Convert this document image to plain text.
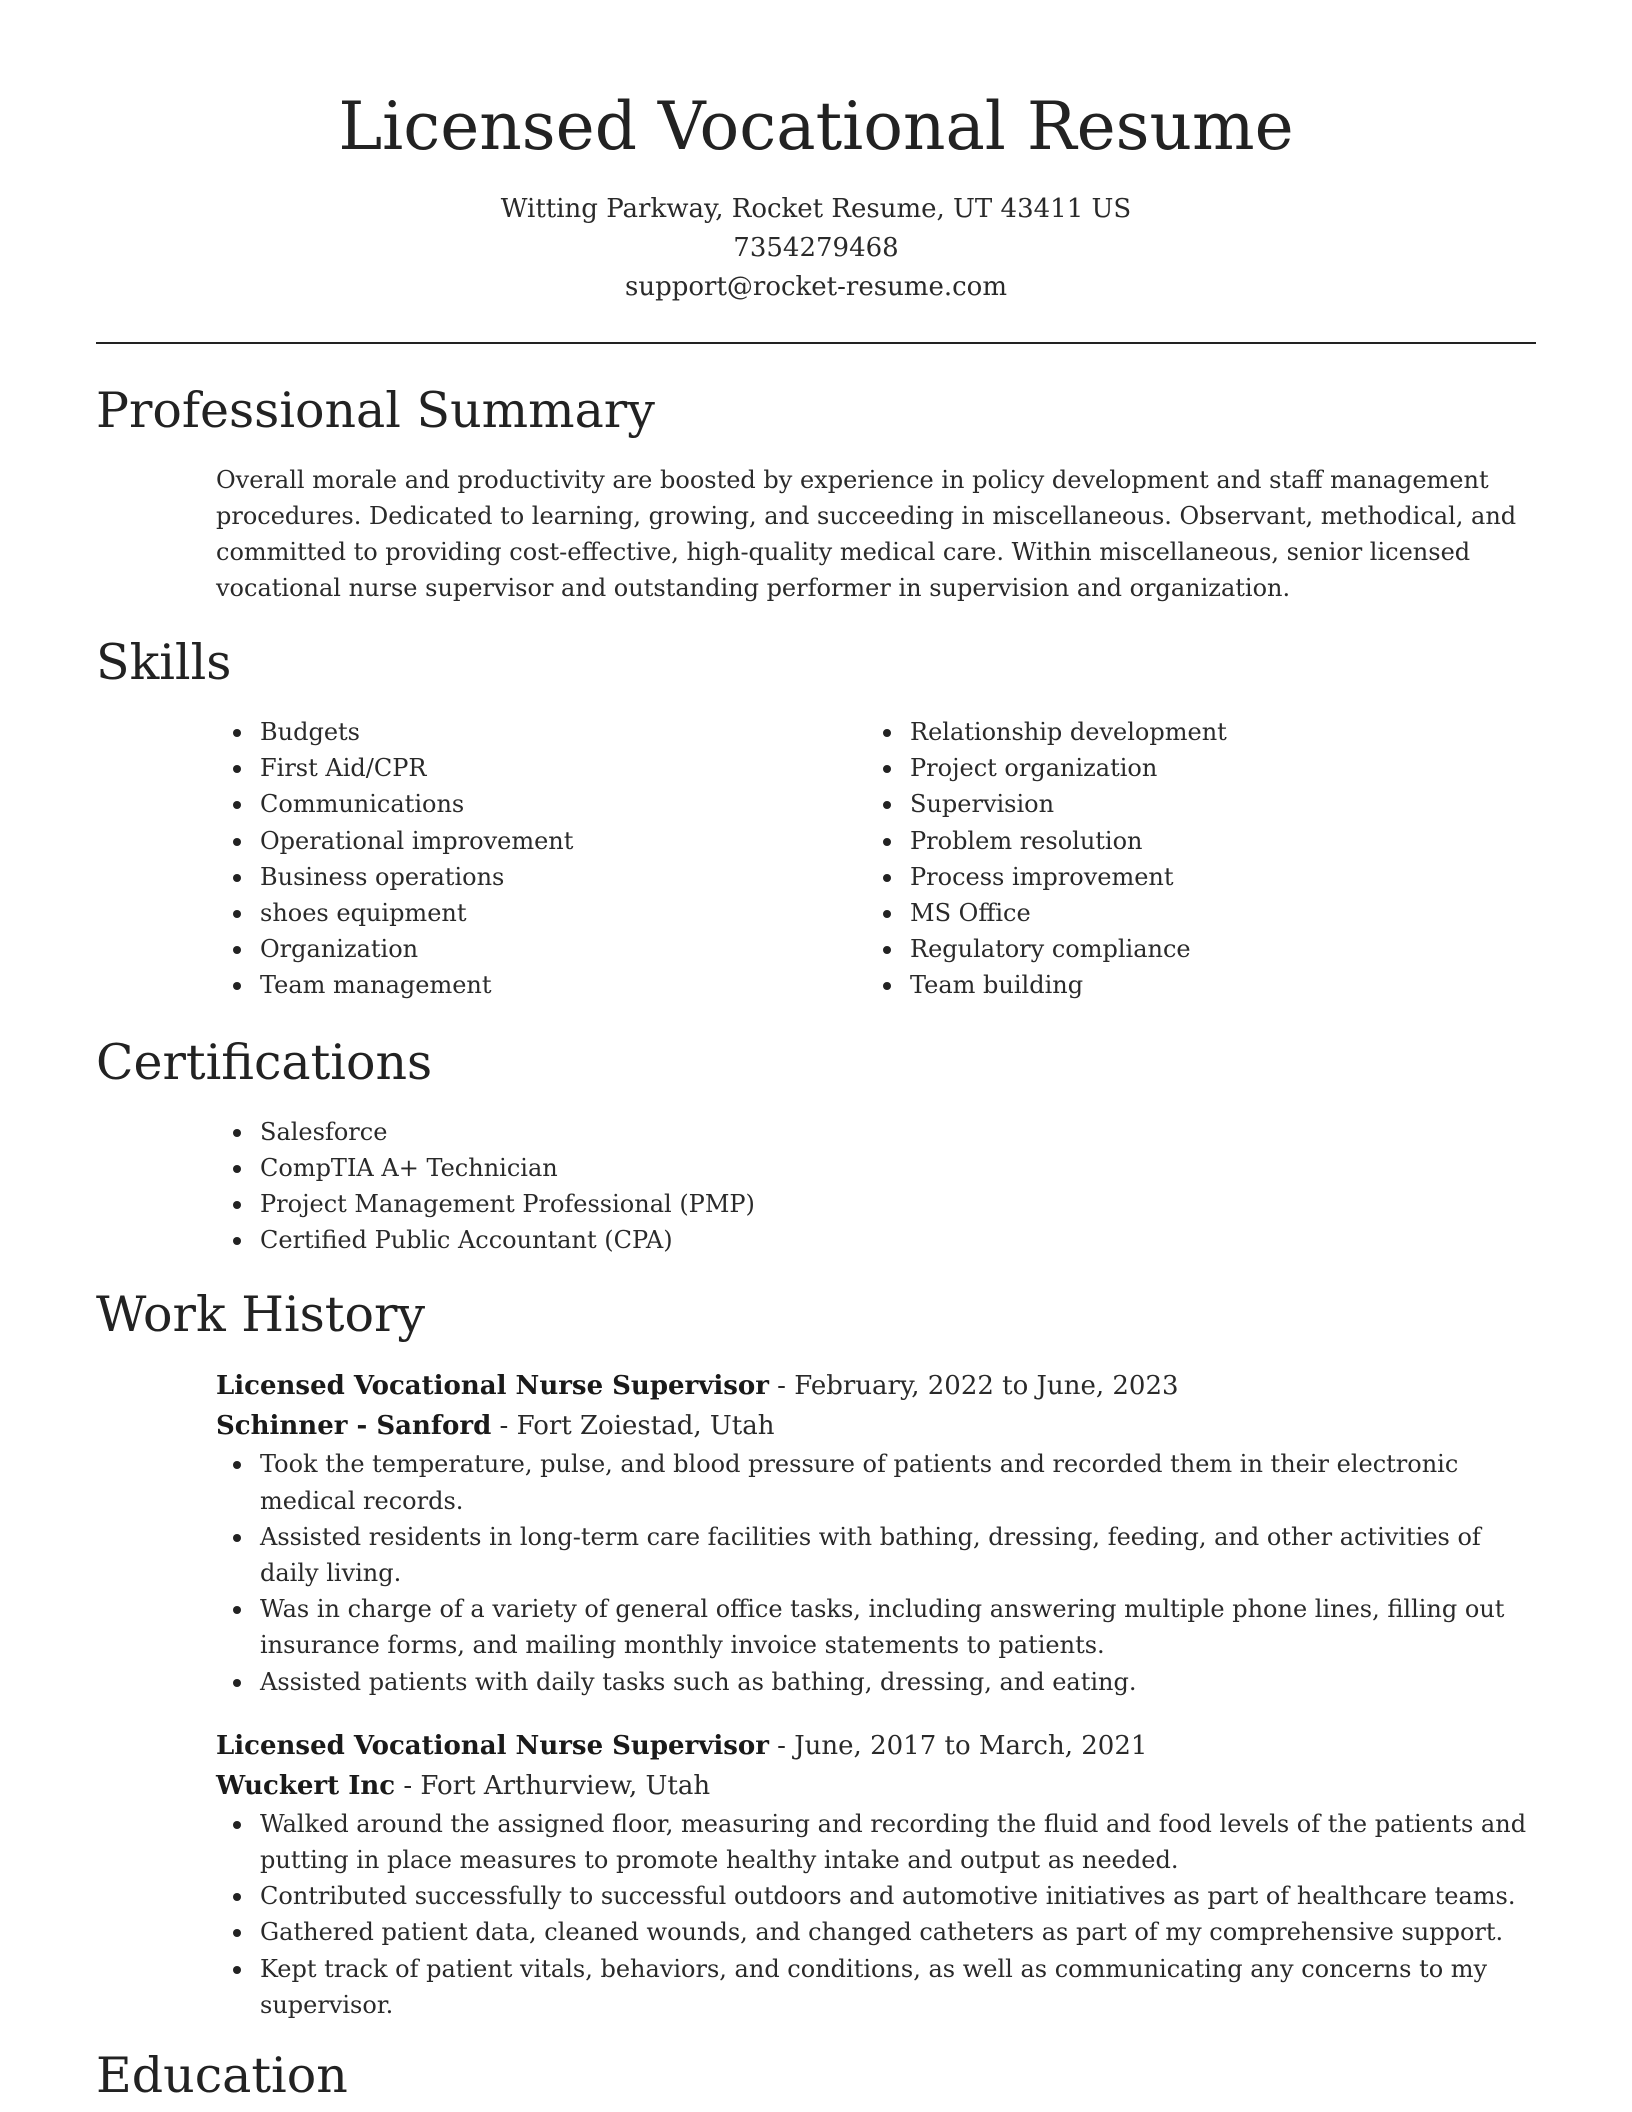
Licensed Vocational Resume
Witting Parkway, Rocket Resume, UT 43411 US
7354279468
support@rocket-resume.com
Professional Summary
Overall morale and productivity are boosted by experience in policy development and staff management procedures. Dedicated to learning, growing, and succeeding in miscellaneous. Observant, methodical, and committed to providing cost-effective, high-quality medical care. Within miscellaneous, senior licensed vocational nurse supervisor and outstanding performer in supervision and organization.
Skills
Budgets
First Aid/CPR
Communications
Operational improvement
Business operations
shoes equipment
Organization
Team management
Relationship development
Project organization
Supervision
Problem resolution
Process improvement
MS Office
Regulatory compliance
Team building
Certifications
Salesforce
CompTIA A+ Technician
Project Management Professional (PMP)
Certified Public Accountant (CPA)
Work History
Licensed Vocational Nurse Supervisor - February, 2022 to June, 2023
Schinner - Sanford - Fort Zoiestad, Utah
Took the temperature, pulse, and blood pressure of patients and recorded them in their electronic medical records.
Assisted residents in long-term care facilities with bathing, dressing, feeding, and other activities of daily living.
Was in charge of a variety of general office tasks, including answering multiple phone lines, filling out insurance forms, and mailing monthly invoice statements to patients.
Assisted patients with daily tasks such as bathing, dressing, and eating.
Licensed Vocational Nurse Supervisor - June, 2017 to March, 2021
Wuckert Inc - Fort Arthurview, Utah
Walked around the assigned floor, measuring and recording the fluid and food levels of the patients and putting in place measures to promote healthy intake and output as needed.
Contributed successfully to successful outdoors and automotive initiatives as part of healthcare teams.
Gathered patient data, cleaned wounds, and changed catheters as part of my comprehensive support.
Kept track of patient vitals, behaviors, and conditions, as well as communicating any concerns to my supervisor.
Education
